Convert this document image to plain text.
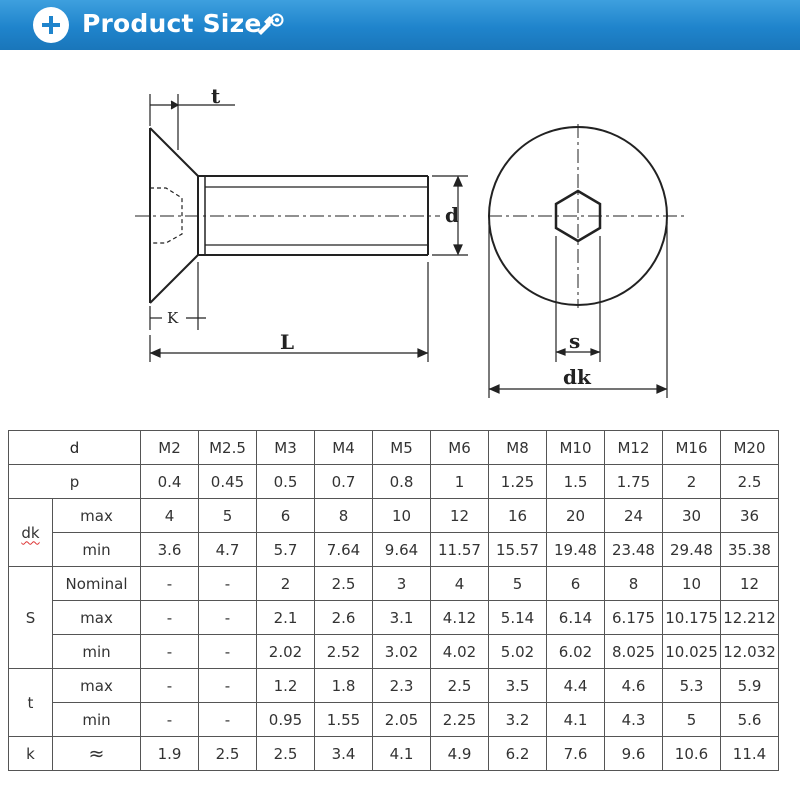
Product Size
t
d
K
L	s
dk
d		M2	M2.5	M3	M4	M5	M6	M8	M10	M12	M16	M20
p		0.4	0.45	0.5	0.7	0.8	1	1.25	1.5	1.75	2	2.5
dk	max	4	5	6	8	10	12	16	20	24	30	36
	min	3.6	4.7	5.7	7.64	9.64	11.57	15.57	19.48	23.48	29.48	35.38
S	Nominal	-	-	2	2.5	3	4	5	6	8	10	12
	max	-	-	2.1	2.6	3.1	4.12	5.14	6.14	6.175	10.175	12.212
	min	-	-	2.02	2.52	3.02	4.02	5.02	6.02	8.025	10.025	12.032
t	max	-	-	1.2	1.8	2.3	2.5	3.5	4.4	4.6	5.3	5.9
	min	-	-	0.95	1.55	2.05	2.25	3.2	4.1	4.3	5	5.6
k	≈	1.9	2.5	2.5	3.4	4.1	4.9	6.2	7.6	9.6	10.6	11.4
